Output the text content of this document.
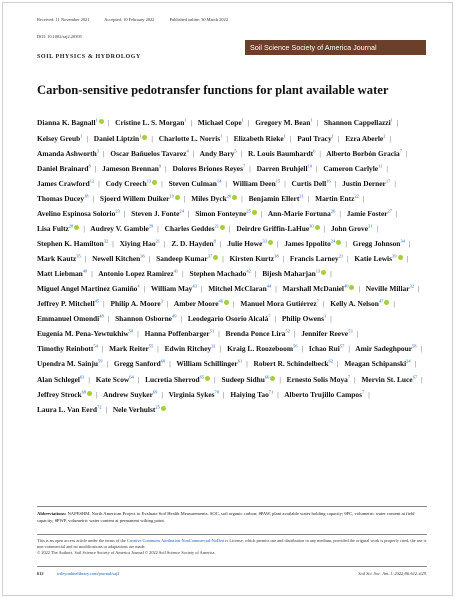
Received: 11 November 2021	Accepted: 10 February 2022	Published online: 30 March 2022
DOI: 10.1002/saj2.20395
SOIL PHYSICS & HYDROLOGY
Soil Science Society of America Journal
Carbon-sensitive pedotransfer functions for plant available water
Dianna K. Bagnall$^1$ | Cristine L. S. Morgan$^1$ | Michael Cope$^1$ | Gregory M. Bean$^1$ | Shannon Cappellazzi$^1$ | Kelsey Greub$^1$ | Daniel Liptzin$^1$ | Charlotte L. Norris$^1$ | Elizabeth Rieke$^1$ | Paul Tracy$^1$ | Ezra Aberle$^2$ | Amanda Ashworth$^3$ | Oscar Bañuelos Tavarez$^4$ | Andy Bary$^5$ | R. Louis Baumhardt$^6$ | Alberto Borbón Gracia$^7$ | Daniel Brainard$^8$ | Jameson Brennan$^9$ | Dolores Briones Reyes$^7$ | Darren Bruhjell$^{10}$ | Cameron Carlyle$^{11}$ | James Crawford$^{12}$ | Cody Creech$^{13}$ | Steven Culman$^{14}$ | William Deen$^{15}$ | Curtis Dell$^{16}$ | Justin Derner$^{17}$ | Thomas Ducey$^{18}$ | Sjoerd Willem Duiker$^{19}$ | Miles Dyck$^{20}$ | Benjamin Ellert$^{21}$ | Martin Entz$^{22}$ | Avelino Espinosa Solorio$^{23}$ | Steven J. Fonte$^{24}$ | Simon Fonteyne$^{25}$ | Ann-Marie Fortuna$^{26}$ | Jamie Foster$^{27}$ | Lisa Fultz$^{28}$ | Audrey V. Gamble$^{29}$ | Charles Geddes$^{21}$ | Deirdre Griffin-LaHue$^{30}$ | John Grove$^{31}$ | Stephen K. Hamilton$^{32}$ | Xiying Hao$^{21}$ | Z. D. Hayden$^8$ | Julie Howe$^{33}$ | James Ippolito$^{24}$ | Gregg Johnson$^{34}$ | Mark Kautz$^{35}$ | Newell Kitchen$^{36}$ | Sandeep Kumar$^{37}$ | Kirsten Kurtz$^{38}$ | Francis Larney$^{21}$ | Katie Lewis$^{39}$ | Matt Liebman$^{40}$ | Antonio Lopez Ramirez$^{41}$ | Stephen Machado$^{42}$ | Bijesh Maharjan$^{13}$ | Miguel Angel Martinez Gamiño$^4$ | William May$^{43}$ | Mitchel McClaran$^{44}$ | Marshall McDaniel$^{40}$ | Neville Millar$^{32}$ | Jeffrey P. Mitchell$^{45}$ | Philip A. Moore$^3$ | Amber Moore$^{46}$ | Manuel Mora Gutiérrez$^7$ | Kelly A. Nelson$^{47}$ | Emmanuel Omondi$^{48}$ | Shannon Osborne$^{49}$ | Leodegario Osorio Alcalá$^7$ | Philip Owens$^3$ | Eugenia M. Pena-Yewtukhiw$^{50}$ | Hanna Poffenbarger$^{51}$ | Brenda Ponce Lira$^{52}$ | Jennifer Reeve$^{53}$ | Timothy Reinbott$^{54}$ | Mark Reiter$^{55}$ | Edwin Ritchey$^{31}$ | Kraig L. Roozeboom$^{56}$ | Ichao Rui$^{57}$ | Amir Sadeghpour$^{58}$ | Upendra M. Sainju$^{59}$ | Gregg Sanford$^{60}$ | William Schillinger$^{61}$ | Robert R. Schindelbeck$^{62}$ | Meagan Schipanski$^{24}$ | Alan Schlegel$^{63}$ | Kate Scow$^{64}$ | Lucretia Sherrod$^{65}$ | Sudeep Sidhu$^{66}$ | Ernesto Solís Moya$^7$ | Mervin St. Luce$^{67}$ | Jeffrey Strock$^{68}$ | Andrew Suyker$^{69}$ | Virginia Sykes$^{70}$ | Haiying Tao$^{71}$ | Alberto Trujillo Campos$^7$ | Laura L. Van Eerd$^{72}$ | Nele Verhulst$^{25}$
Abbreviations: NAPESHM, North American Project to Evaluate Soil Health Measurements; SOC, soil organic carbon; θPAW, plant available water holding capacity; θFC, volumetric water content at field capacity; θPWP, volumetric water content at permanent wilting point.
This is an open access article under the terms of the Creative Commons Attribution-NonCommercial-NoDerivs License, which permits use and distribution in any medium, provided the original work is properly cited, the use is non-commercial and no modifications or adaptations are made.
© 2022 The Authors. Soil Science Society of America Journal © 2022 Soil Science Society of America.
612	wileyonlinelibrary.com/journal/saj2	Soil Sci. Soc. Am. J. 2022;86:612–629.
